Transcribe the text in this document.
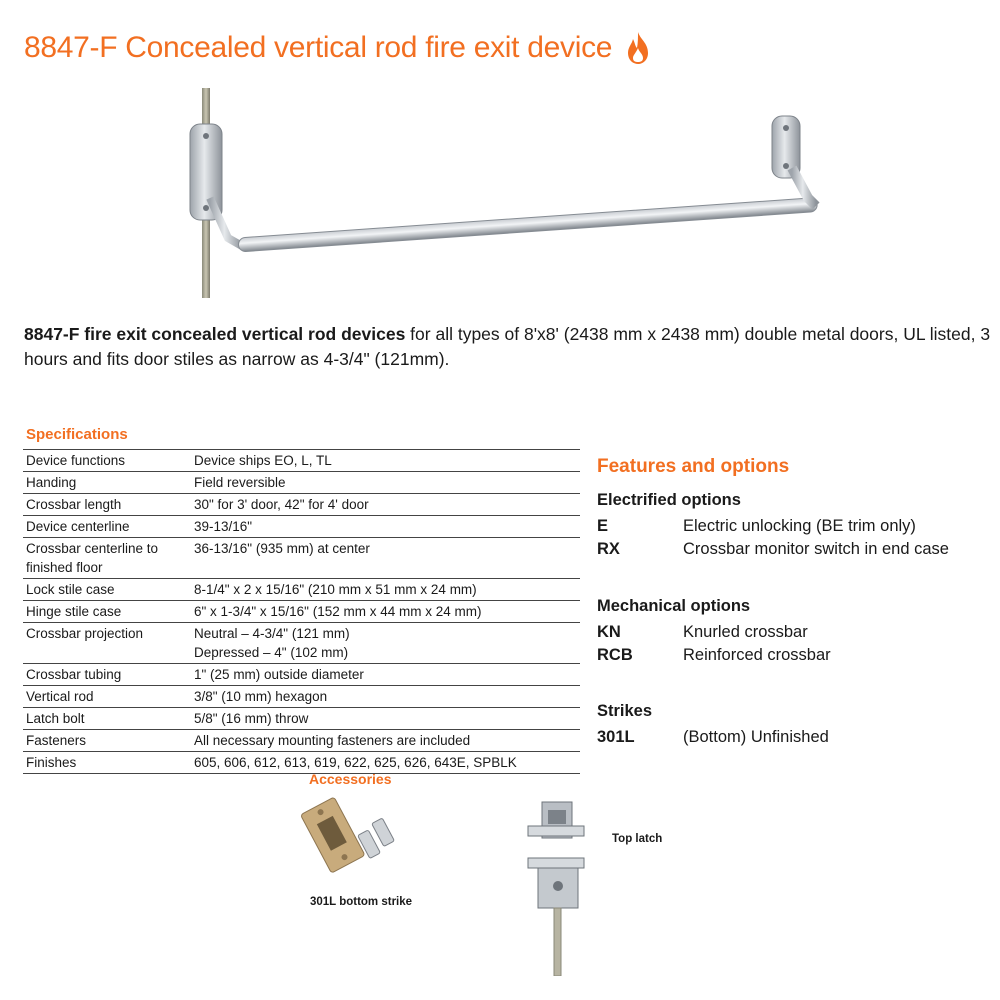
8847-F Concealed vertical rod fire exit device

8847-F fire exit concealed vertical rod devices for all types of 8'x8' (2438 mm x 2438 mm) double metal doors, UL listed, 3 hours and fits door stiles as narrow as 4-3/4" (121mm).

Specifications
Device functions	Device ships EO, L, TL

Handing	Field reversible

Crossbar length	30" for 3' door, 42" for 4' door

Device centerline	39-13/16"

Crossbar centerline to finished floor	36-13/16" (935 mm) at center

Lock stile case	8-1/4" x 2 x 15/16" (210 mm x 51 mm x 24 mm)

Hinge stile case	6" x 1-3/4" x 15/16" (152 mm x 44 mm x 24 mm)

Crossbar projection	Neutral – 4-3/4" (121 mm)
Depressed – 4" (102 mm)

Crossbar tubing	1" (25 mm) outside diameter

Vertical rod	3/8" (10 mm) hexagon

Latch bolt	5/8" (16 mm) throw

Fasteners	All necessary mounting fasteners are included

Finishes	605, 606, 612, 613, 619, 622, 625, 626, 643E, SPBLK
Features and options
Electrified options
E	Electric unlocking (BE trim only)
RX	Crossbar monitor switch in end case
Mechanical options
KN	Knurled crossbar
RCB	Reinforced crossbar
Strikes
301L	(Bottom) Unfinished
Accessories
301L bottom strike
Top latch
